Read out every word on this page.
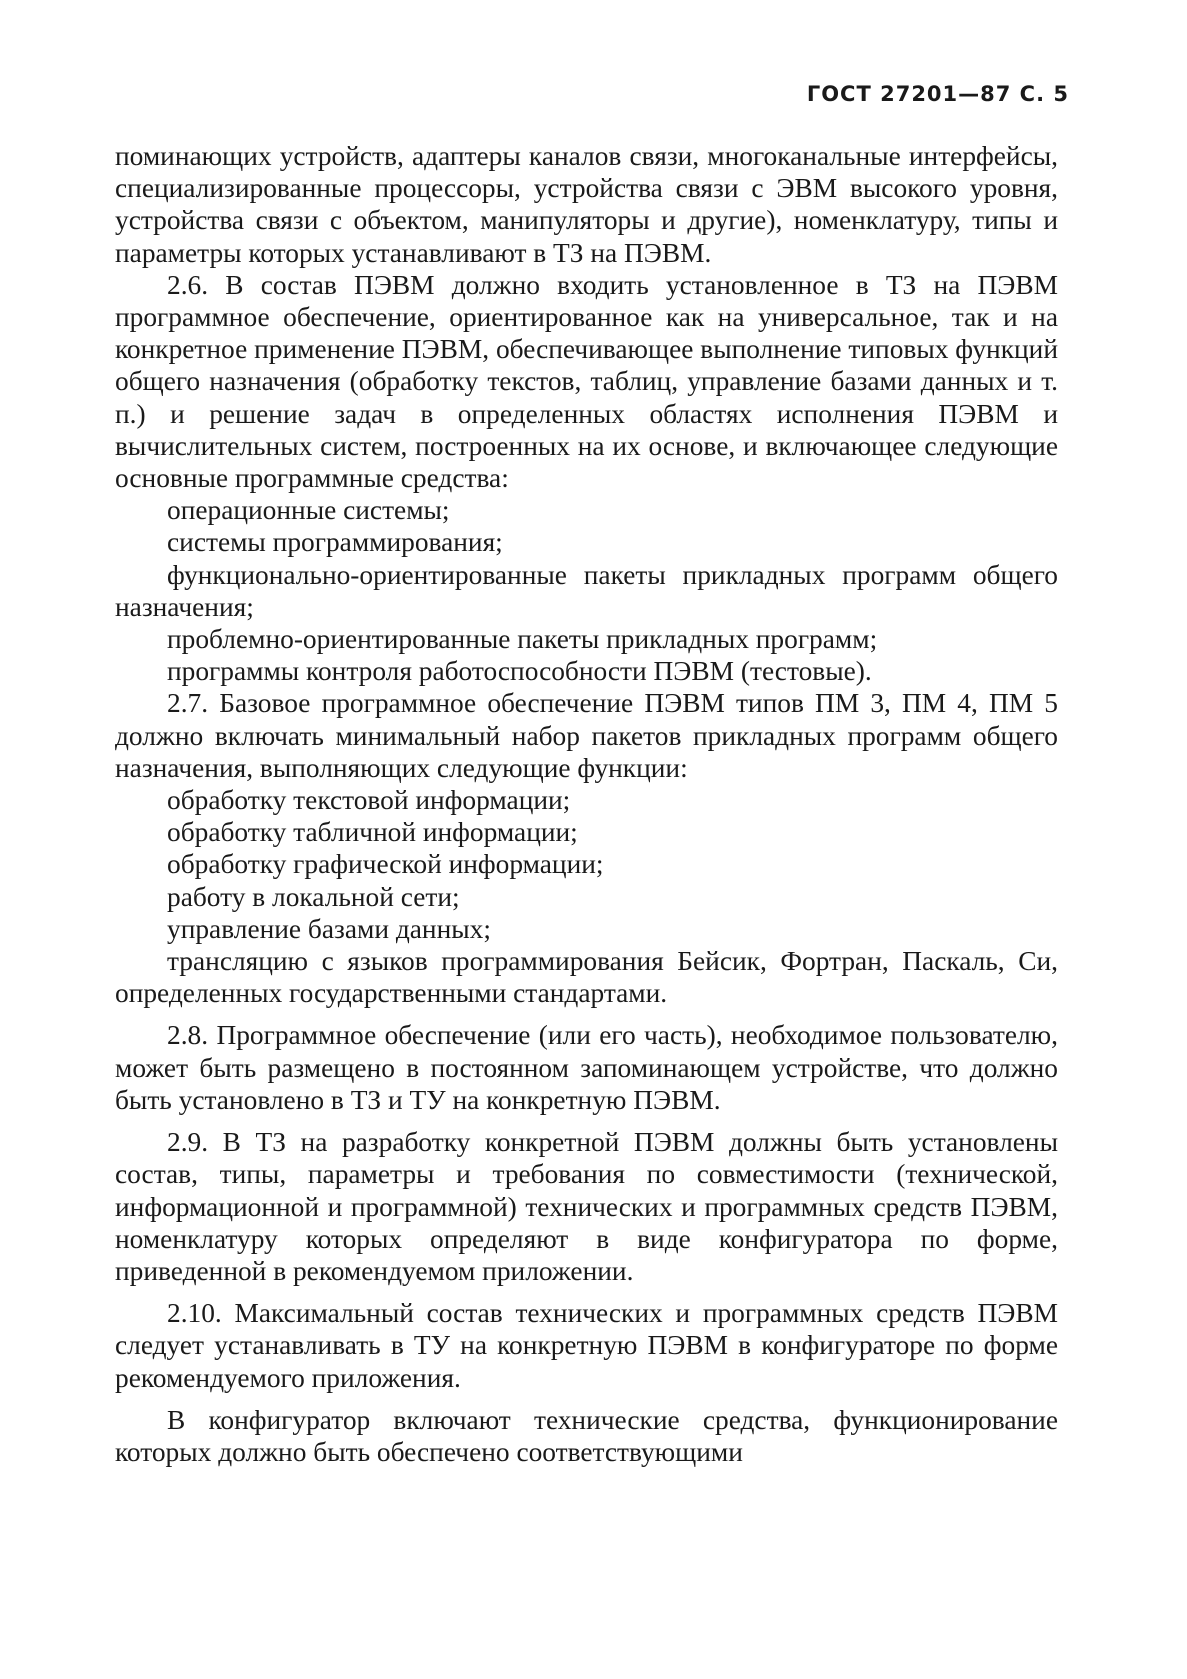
ГОСТ 27201—87 С. 5

поминающих устройств, адаптеры каналов связи, многоканальные интерфейсы, специализированные процессоры, устройства связи с ЭВМ высокого уровня, устройства связи с объектом, манипуляторы и другие), номенклатуру, типы и параметры которых устанавливают в ТЗ на ПЭВМ.

2.6. В состав ПЭВМ должно входить установленное в ТЗ на ПЭВМ программное обеспечение, ориентированное как на универсальное, так и на конкретное применение ПЭВМ, обеспечивающее выполнение типовых функций общего назначения (обработку текстов, таблиц, управление базами данных и т. п.) и решение задач в определенных областях исполнения ПЭВМ и вычислительных систем, построенных на их основе, и включающее следующие основные программные средства:

операционные системы;

системы программирования;

функционально-ориентированные пакеты прикладных программ общего назначения;

проблемно-ориентированные пакеты прикладных программ;

программы контроля работоспособности ПЭВМ (тестовые).

2.7. Базовое программное обеспечение ПЭВМ типов ПМ 3, ПМ 4, ПМ 5 должно включать минимальный набор пакетов прикладных программ общего назначения, выполняющих следующие функции:

обработку текстовой информации;

обработку табличной информации;

обработку графической информации;

работу в локальной сети;

управление базами данных;

трансляцию с языков программирования Бейсик, Фортран, Паскаль, Си, определенных государственными стандартами.

2.8. Программное обеспечение (или его часть), необходимое пользователю, может быть размещено в постоянном запоминающем устройстве, что должно быть установлено в ТЗ и ТУ на конкретную ПЭВМ.

2.9. В ТЗ на разработку конкретной ПЭВМ должны быть установлены состав, типы, параметры и требования по совместимости (технической, информационной и программной) технических и программных средств ПЭВМ, номенклатуру которых определяют в виде конфигуратора по форме, приведенной в рекомендуемом приложении.

2.10. Максимальный состав технических и программных средств ПЭВМ следует устанавливать в ТУ на конкретную ПЭВМ в конфигураторе по форме рекомендуемого приложения.

В конфигуратор включают технические средства, функционирование которых должно быть обеспечено соответствующими
